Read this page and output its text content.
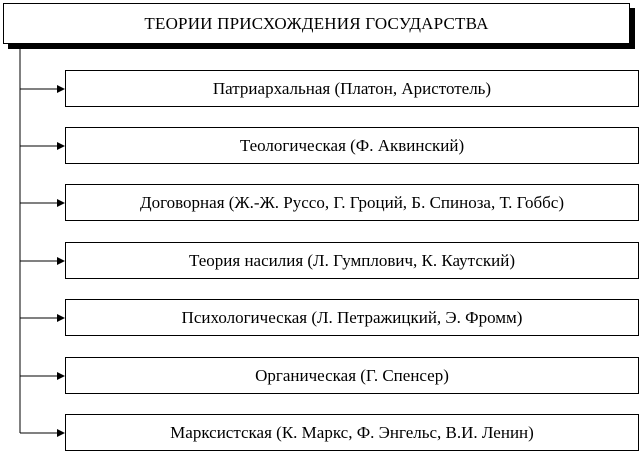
ТЕОРИИ ПРИСХОЖДЕНИЯ ГОСУДАРСТВА
Патриархальная (Платон, Аристотель)
Теологическая (Ф. Аквинский)
Договорная (Ж.-Ж. Руссо, Г. Гроций, Б. Спиноза, Т. Гоббс)
Теория насилия (Л. Гумплович, К. Каутский)
Психологическая (Л. Петражицкий, Э. Фромм)
Органическая (Г. Спенсер)
Марксистская (К. Маркс, Ф. Энгельс, В.И. Ленин)
